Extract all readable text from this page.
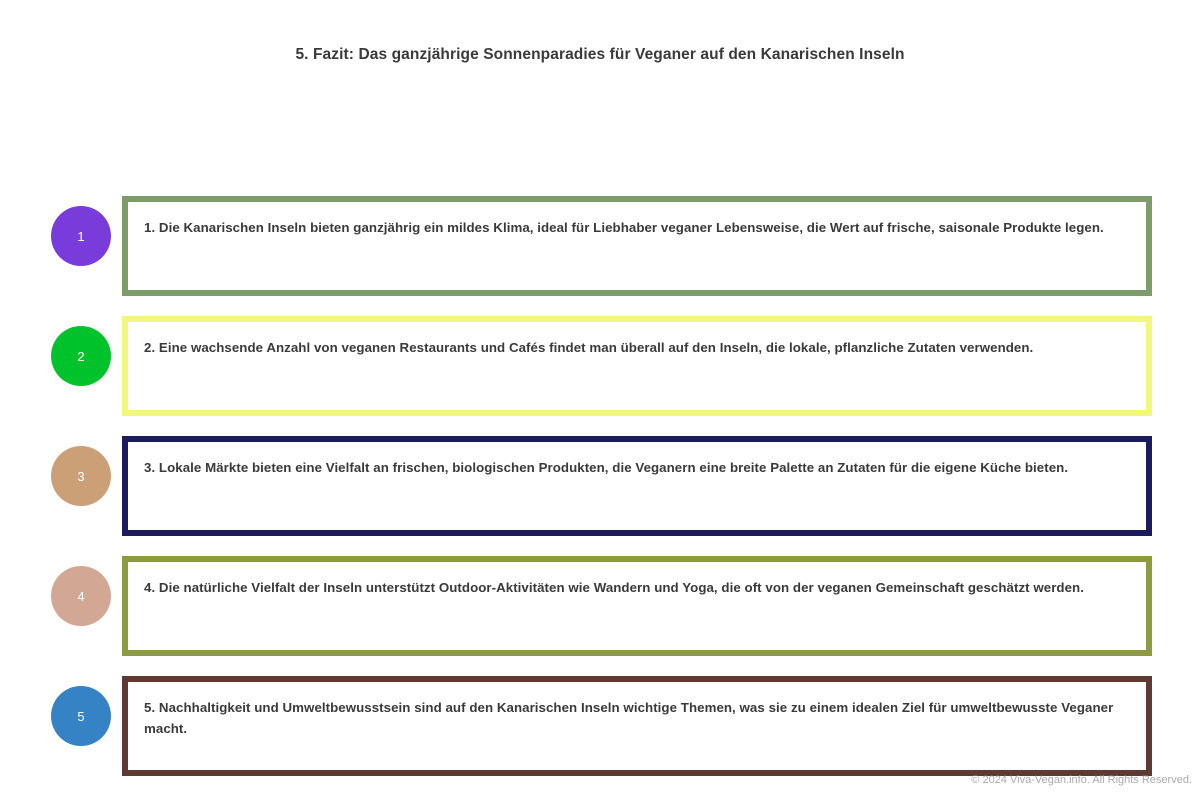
5. Fazit: Das ganzjährige Sonnenparadies für Veganer auf den Kanarischen Inseln
1
1. Die Kanarischen Inseln bieten ganzjährig ein mildes Klima, ideal für Liebhaber veganer Lebensweise, die Wert auf frische, saisonale Produkte legen.
2
2. Eine wachsende Anzahl von veganen Restaurants und Cafés findet man überall auf den Inseln, die lokale, pflanzliche Zutaten verwenden.
3
3. Lokale Märkte bieten eine Vielfalt an frischen, biologischen Produkten, die Veganern eine breite Palette an Zutaten für die eigene Küche bieten.
4
4. Die natürliche Vielfalt der Inseln unterstützt Outdoor-Aktivitäten wie Wandern und Yoga, die oft von der veganen Gemeinschaft geschätzt werden.
5
5. Nachhaltigkeit und Umweltbewusstsein sind auf den Kanarischen Inseln wichtige Themen, was sie zu einem idealen Ziel für umweltbewusste Veganer macht.
© 2024 Viva-Vegan.info. All Rights Reserved.
